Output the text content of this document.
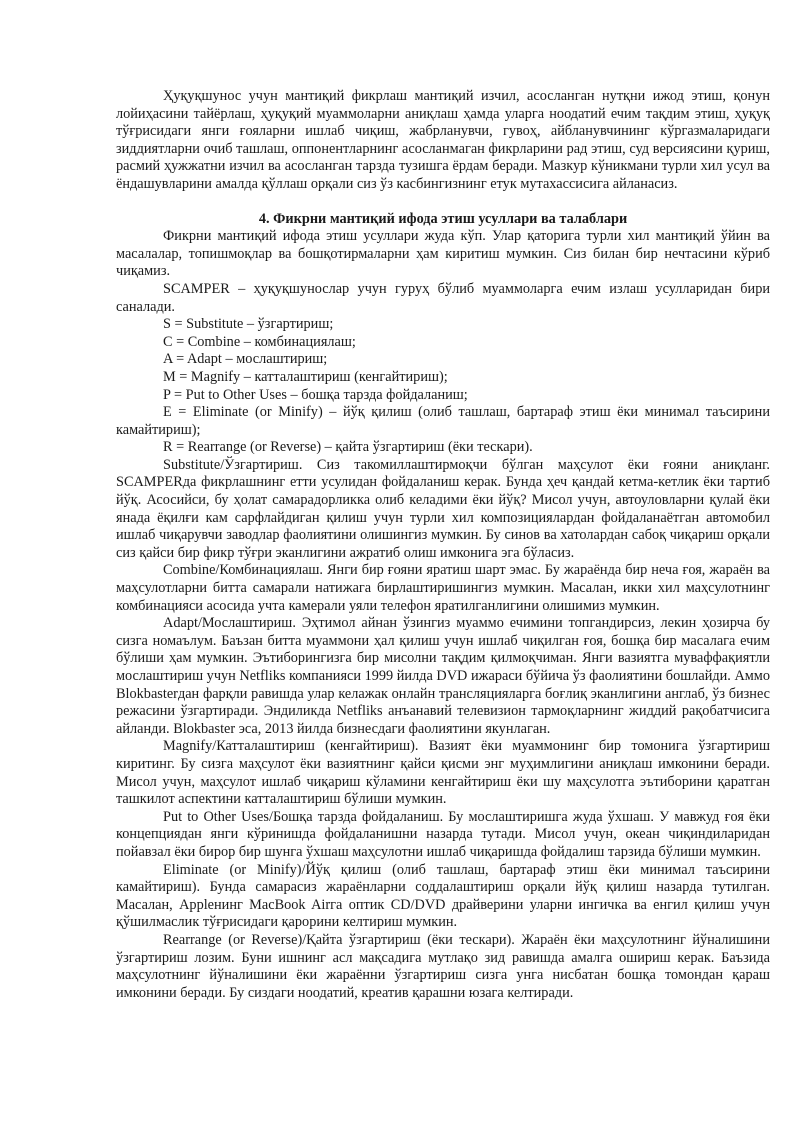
Ҳуқуқшунос учун мантиқий фикрлаш мантиқий изчил, асосланган нутқни ижод этиш, қонун лойиҳасини тайёрлаш, ҳуқуқий муаммоларни аниқлаш ҳамда уларга ноодатий ечим тақдим этиш, ҳуқуқ тўғрисидаги янги ғояларни ишлаб чиқиш, жабрланувчи, гувоҳ, айбланувчининг кўргазмаларидаги зиддиятларни очиб ташлаш, оппонентларнинг асосланмаган фикрларини рад этиш, суд версиясини қуриш, расмий ҳужжатни изчил ва асосланган тарзда тузишга ёрдам беради. Мазкур кўникмани турли хил усул ва ёндашувларини амалда қўллаш орқали сиз ўз касбингизнинг етук мутахассисига айланасиз.

4. Фикрни мантиқий ифода этиш усуллари ва талаблари

Фикрни мантиқий ифода этиш усуллари жуда кўп. Улар қаторига турли хил мантиқий ўйин ва масалалар, топишмоқлар ва бошқотирмаларни ҳам киритиш мумкин. Сиз билан бир нечтасини кўриб чиқамиз.

SCAMPER – ҳуқуқшунослар учун гуруҳ бўлиб муаммоларга ечим излаш усулларидан бири саналади.

S = Substitute – ўзгартириш;

C = Combine – комбинациялаш;

A = Adapt – мослаштириш;

M = Magnify – катталаштириш (кенгайтириш);

P = Put to Other Uses – бошқа тарзда фойдаланиш;

E = Eliminate (or Minify) – йўқ қилиш (олиб ташлаш, бартараф этиш ёки минимал таъсирини камайтириш);

R = Rearrange (or Reverse) – қайта ўзгартириш (ёки тескари).

Substitute/Ўзгартириш. Сиз такомиллаштирмоқчи бўлган маҳсулот ёки ғояни аниқланг. SCAMPERда фикрлашнинг етти усулидан фойдаланиш керак. Бунда ҳеч қандай кетма-кетлик ёки тартиб йўқ. Асосийси, бу ҳолат самарадорликка олиб келадими ёки йўқ? Мисол учун, автоуловларни қулай ёки янада ёқилғи кам сарфлайдиган қилиш учун турли хил композициялардан фойдаланаётган автомобил ишлаб чиқарувчи заводлар фаолиятини олишингиз мумкин. Бу синов ва хатолардан сабоқ чиқариш орқали сиз қайси бир фикр тўғри эканлигини ажратиб олиш имконига эга бўласиз.

Combine/Комбинациялаш. Янги бир ғояни яратиш шарт эмас. Бу жараёнда бир неча ғоя, жараён ва маҳсулотларни битта самарали натижага бирлаштиришингиз мумкин. Масалан, икки хил маҳсулотнинг комбинацияси асосида учта камерали уяли телефон яратилганлигини олишимиз мумкин.

Adapt/Мослаштириш. Эҳтимол айнан ўзингиз муаммо ечимини топгандирсиз, лекин ҳозирча бу сизга номаълум. Баъзан битта муаммони ҳал қилиш учун ишлаб чиқилган ғоя, бошқа бир масалага ечим бўлиши ҳам мумкин. Эътиборингизга бир мисолни тақдим қилмоқчиман. Янги вазиятга муваффақиятли мослаштириш учун Netfliks компанияси 1999 йилда DVD ижараси бўйича ўз фаолиятини бошлайди. Аммо Blokbasterдан фарқли равишда улар келажак онлайн трансляцияларга боғлиқ эканлигини англаб, ўз бизнес режасини ўзгартиради. Эндиликда Netfliks анъанавий телевизион тармоқларнинг жиддий рақобатчисига айланди. Blokbaster эса, 2013 йилда бизнесдаги фаолиятини якунлаган.

Magnify/Катталаштириш (кенгайтириш). Вазият ёки муаммонинг бир томонига ўзгартириш киритинг. Бу сизга маҳсулот ёки вазиятнинг қайси қисми энг муҳимлигини аниқлаш имконини беради. Мисол учун, маҳсулот ишлаб чиқариш кўламини кенгайтириш ёки шу маҳсулотга эътиборини қаратган ташкилот аспектини катталаштириш бўлиши мумкин.

Put to Other Uses/Бошқа тарзда фойдаланиш. Бу мослаштиришга жуда ўхшаш. У мавжуд ғоя ёки концепциядан янги кўринишда фойдаланишни назарда тутади. Мисол учун, океан чиқиндиларидан пойавзал ёки бирор бир шунга ўхшаш маҳсулотни ишлаб чиқаришда фойдалиш тарзида бўлиши мумкин.

Eliminate (or Minify)/Йўқ қилиш (олиб ташлаш, бартараф этиш ёки минимал таъсирини камайтириш). Бунда самарасиз жараёнларни соддалаштириш орқали йўқ қилиш назарда тутилган. Масалан, Appleнинг MacBook Airга оптик CD/DVD драйверини уларни ингичка ва енгил қилиш учун қўшилмаслик тўғрисидаги қарорини келтириш мумкин.

Rearrange (or Reverse)/Қайта ўзгартириш (ёки тескари). Жараён ёки маҳсулотнинг йўналишини ўзгартириш лозим. Буни ишнинг асл мақсадига мутлақо зид равишда амалга ошириш керак. Баъзида маҳсулотнинг йўналишини ёки жараённи ўзгартириш сизга унга нисбатан бошқа томондан қараш имконини беради. Бу сиздаги ноодатий, креатив қарашни юзага келтиради.
